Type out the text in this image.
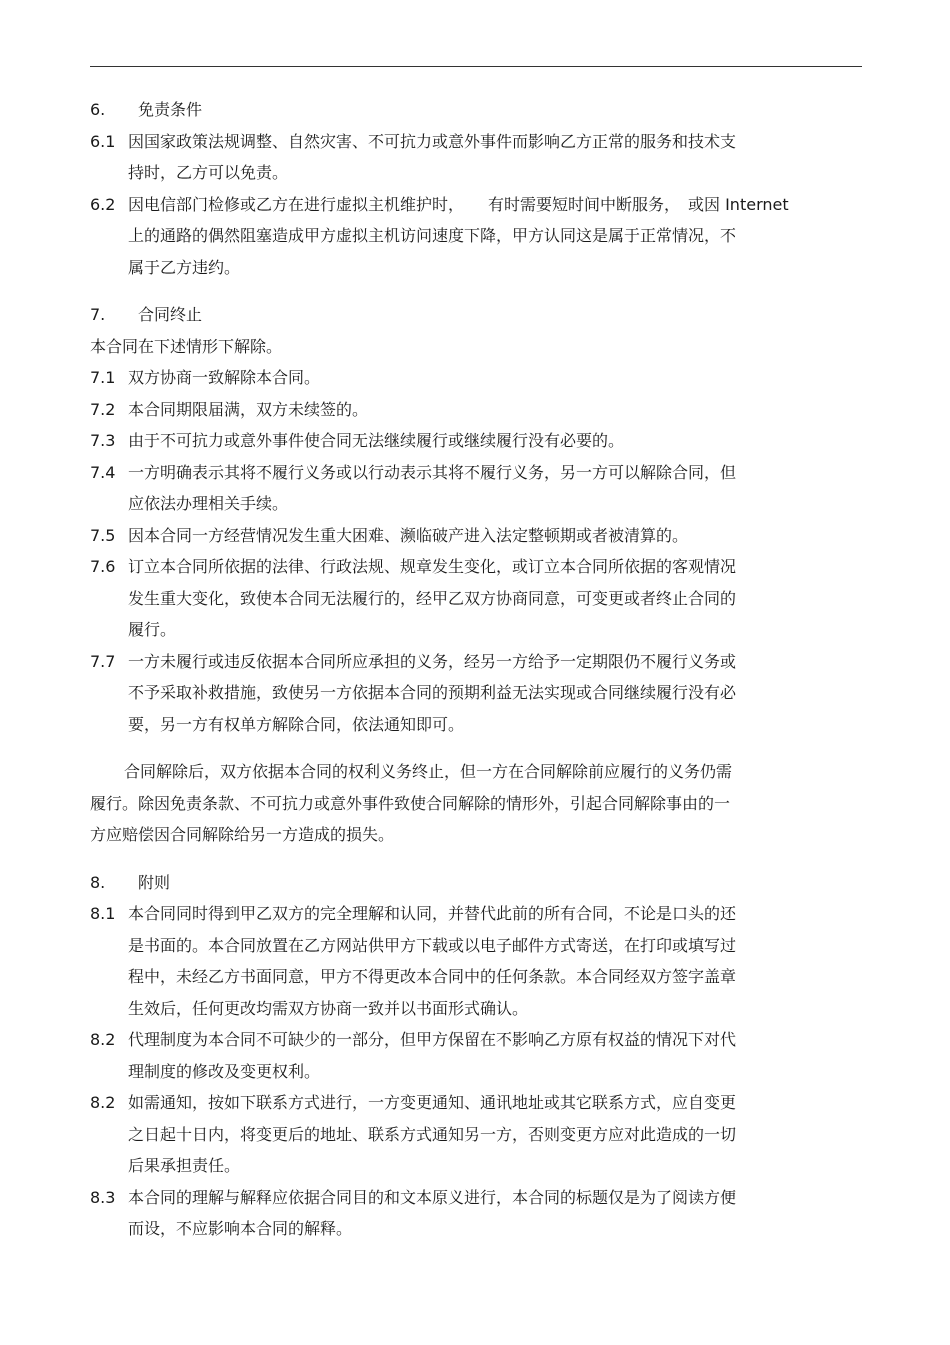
6. 免责条件
6.1 因国家政策法规调整、自然灾害、不可抗力或意外事件而影响乙方正常的服务和技术支
持时，乙方可以免责。
6.2 因电信部门检修或乙方在进行虚拟主机维护时，　　有时需要短时间中断服务，　或因 Internet
上的通路的偶然阻塞造成甲方虚拟主机访问速度下降，甲方认同这是属于正常情况，不
属于乙方违约。
7. 合同终止
本合同在下述情形下解除。
7.1 双方协商一致解除本合同。
7.2 本合同期限届满，双方未续签的。
7.3 由于不可抗力或意外事件使合同无法继续履行或继续履行没有必要的。
7.4 一方明确表示其将不履行义务或以行动表示其将不履行义务，另一方可以解除合同，但
应依法办理相关手续。
7.5 因本合同一方经营情况发生重大困难、濒临破产进入法定整顿期或者被清算的。
7.6 订立本合同所依据的法律、行政法规、规章发生变化，或订立本合同所依据的客观情况
发生重大变化，致使本合同无法履行的，经甲乙双方协商同意，可变更或者终止合同的
履行。
7.7 一方未履行或违反依据本合同所应承担的义务，经另一方给予一定期限仍不履行义务或
不予采取补救措施，致使另一方依据本合同的预期利益无法实现或合同继续履行没有必
要，另一方有权单方解除合同，依法通知即可。
合同解除后，双方依据本合同的权利义务终止，但一方在合同解除前应履行的义务仍需
履行。除因免责条款、不可抗力或意外事件致使合同解除的情形外，引起合同解除事由的一
方应赔偿因合同解除给另一方造成的损失。
8. 附则
8.1 本合同同时得到甲乙双方的完全理解和认同，并替代此前的所有合同，不论是口头的还
是书面的。本合同放置在乙方网站供甲方下载或以电子邮件方式寄送，在打印或填写过
程中，未经乙方书面同意，甲方不得更改本合同中的任何条款。本合同经双方签字盖章
生效后，任何更改均需双方协商一致并以书面形式确认。
8.2 代理制度为本合同不可缺少的一部分，但甲方保留在不影响乙方原有权益的情况下对代
理制度的修改及变更权利。
8.2 如需通知，按如下联系方式进行，一方变更通知、通讯地址或其它联系方式，应自变更
之日起十日内，将变更后的地址、联系方式通知另一方，否则变更方应对此造成的一切
后果承担责任。
8.3 本合同的理解与解释应依据合同目的和文本原义进行，本合同的标题仅是为了阅读方便
而设，不应影响本合同的解释。
